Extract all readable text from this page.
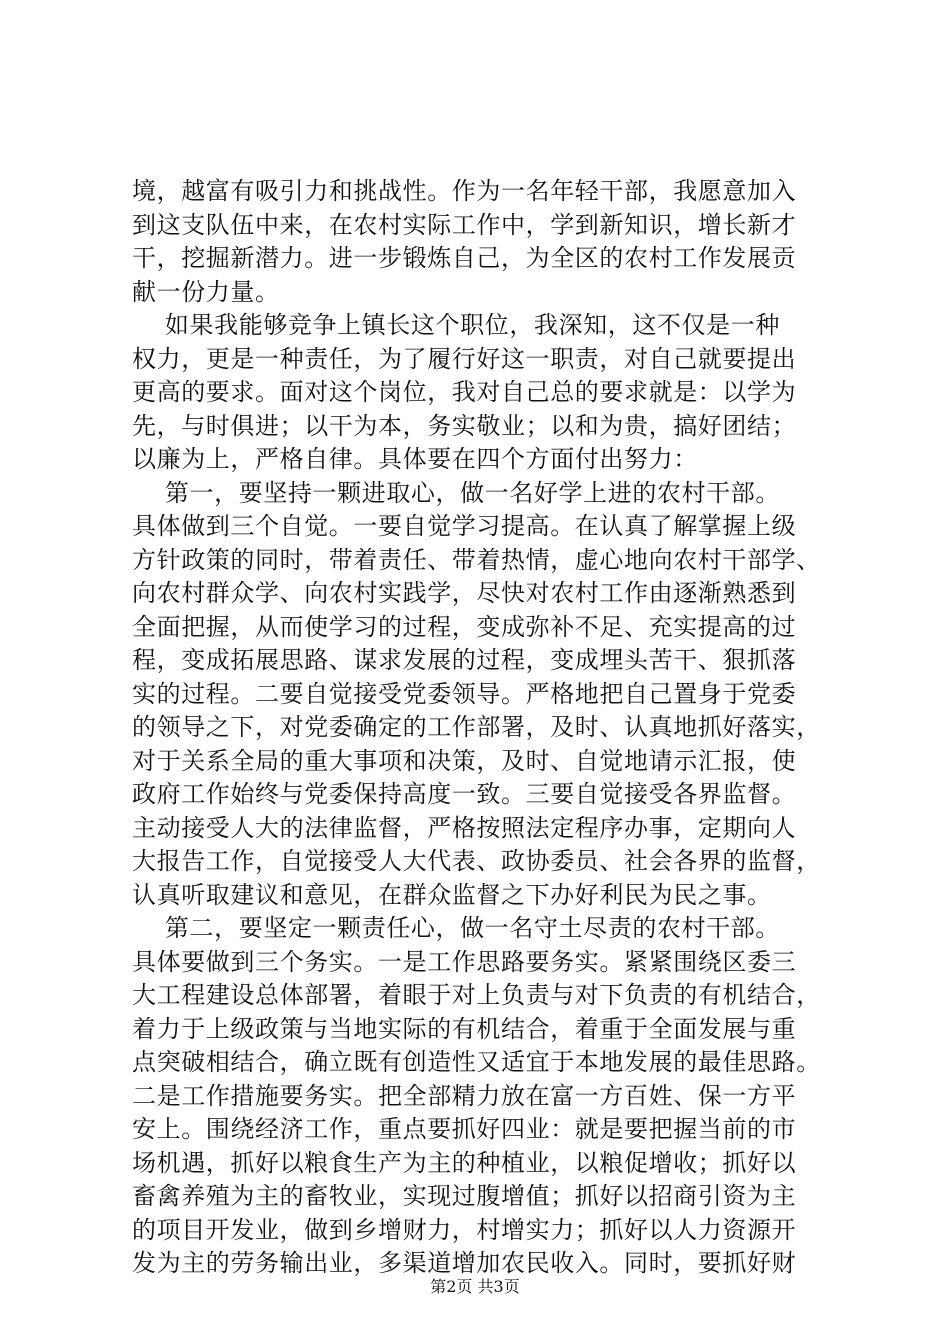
境，越富有吸引力和挑战性。作为一名年轻干部，我愿意加入
到这支队伍中来，在农村实际工作中，学到新知识，增长新才
干，挖掘新潜力。进一步锻炼自己，为全区的农村工作发展贡
献一份力量。
如果我能够竞争上镇长这个职位，我深知，这不仅是一种
权力，更是一种责任，为了履行好这一职责，对自己就要提出
更高的要求。面对这个岗位，我对自己总的要求就是：以学为
先，与时俱进；以干为本，务实敬业；以和为贵，搞好团结；
以廉为上，严格自律。具体要在四个方面付出努力：
第一，要坚持一颗进取心，做一名好学上进的农村干部。
具体做到三个自觉。一要自觉学习提高。在认真了解掌握上级
方针政策的同时，带着责任、带着热情，虚心地向农村干部学、
向农村群众学、向农村实践学，尽快对农村工作由逐渐熟悉到
全面把握，从而使学习的过程，变成弥补不足、充实提高的过
程，变成拓展思路、谋求发展的过程，变成埋头苦干、狠抓落
实的过程。二要自觉接受党委领导。严格地把自己置身于党委
的领导之下，对党委确定的工作部署，及时、认真地抓好落实，
对于关系全局的重大事项和决策，及时、自觉地请示汇报，使
政府工作始终与党委保持高度一致。三要自觉接受各界监督。
主动接受人大的法律监督，严格按照法定程序办事，定期向人
大报告工作，自觉接受人大代表、政协委员、社会各界的监督，
认真听取建议和意见，在群众监督之下办好利民为民之事。
第二，要坚定一颗责任心，做一名守土尽责的农村干部。
具体要做到三个务实。一是工作思路要务实。紧紧围绕区委三
大工程建设总体部署，着眼于对上负责与对下负责的有机结合，
着力于上级政策与当地实际的有机结合，着重于全面发展与重
点突破相结合，确立既有创造性又适宜于本地发展的最佳思路。
二是工作措施要务实。把全部精力放在富一方百姓、保一方平
安上。围绕经济工作，重点要抓好四业：就是要把握当前的市
场机遇，抓好以粮食生产为主的种植业，以粮促增收；抓好以
畜禽养殖为主的畜牧业，实现过腹增值；抓好以招商引资为主
的项目开发业，做到乡增财力，村增实力；抓好以人力资源开
发为主的劳务输出业，多渠道增加农民收入。同时，要抓好财
第2页 共3页
